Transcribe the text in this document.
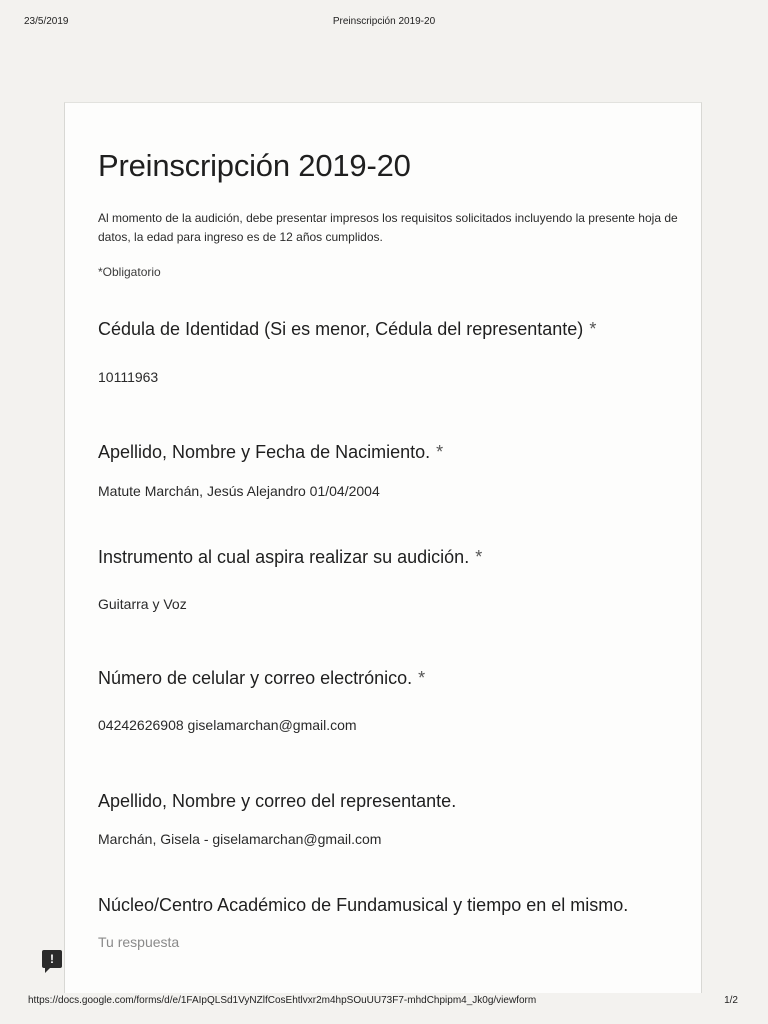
23/5/2019	Preinscripción 2019-20
Preinscripción 2019-20

Al momento de la audición, debe presentar impresos los requisitos solicitados incluyendo la presente hoja de datos, la edad para ingreso es de 12 años cumplidos.

*Obligatorio
Cédula de Identidad (Si es menor, Cédula del representante) *
10111963
Apellido, Nombre y Fecha de Nacimiento. *
Matute Marchán, Jesús Alejandro 01/04/2004
Instrumento al cual aspira realizar su audición. *
Guitarra y Voz
Número de celular y correo electrónico. *
04242626908 giselamarchan@gmail.com
Apellido, Nombre y correo del representante.
Marchán, Gisela - giselamarchan@gmail.com
Núcleo/Centro Académico de Fundamusical y tiempo en el mismo.
Tu respuesta
!
https://docs.google.com/forms/d/e/1FAIpQLSd1VyNZlfCosEhtlvxr2m4hpSOuUU73F7-mhdChpipm4_Jk0g/viewform	1/2
